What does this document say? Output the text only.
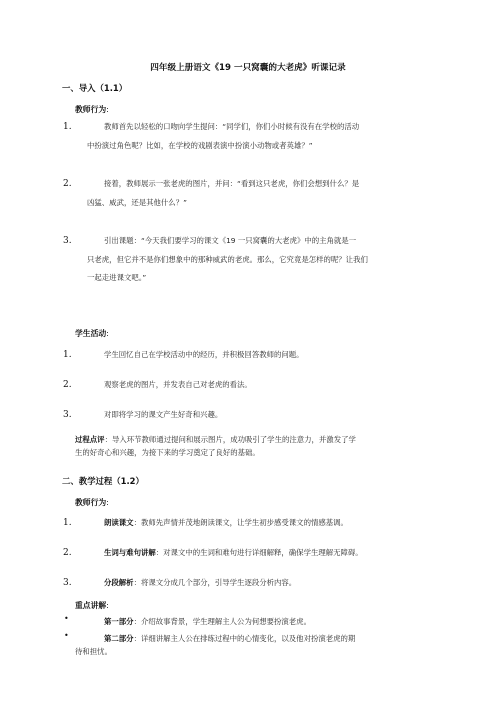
四年级上册语文《19 一只窝囊的大老虎》听课记录
一、导入（1.1）
教师行为:
1.	教师首先以轻松的口吻向学生提问：“同学们，你们小时候有没有在学校的活动
中扮演过角色呢？比如，在学校的戏剧表演中扮演小动物或者英雄？”
2.	接着，教师展示一张老虎的图片，并问：“看到这只老虎，你们会想到什么？是
凶猛、威武，还是其他什么？”
3.	引出课题：“今天我们要学习的课文《19 一只窝囊的大老虎》中的主角就是一
只老虎，但它并不是你们想象中的那种威武的老虎。那么，它究竟是怎样的呢？让我们
一起走进课文吧。”
学生活动:
1.	学生回忆自己在学校活动中的经历，并积极回答教师的问题。
2.	观察老虎的图片，并发表自己对老虎的看法。
3.	对即将学习的课文产生好奇和兴趣。
过程点评：导入环节教师通过提问和展示图片，成功吸引了学生的注意力，并激发了学
生的好奇心和兴趣，为接下来的学习奠定了良好的基础。
二、教学过程（1.2）
教师行为:
1.	朗读课文：教师先声情并茂地朗读课文，让学生初步感受课文的情感基调。
2.	生词与难句讲解：对课文中的生词和难句进行详细解释，确保学生理解无障碍。
3.	分段解析：将课文分成几个部分，引导学生逐段分析内容。
重点讲解:
•	第一部分：介绍故事背景，学生理解主人公为何想要扮演老虎。
•	第二部分：详细讲解主人公在排练过程中的心情变化，以及他对扮演老虎的期
待和担忧。
